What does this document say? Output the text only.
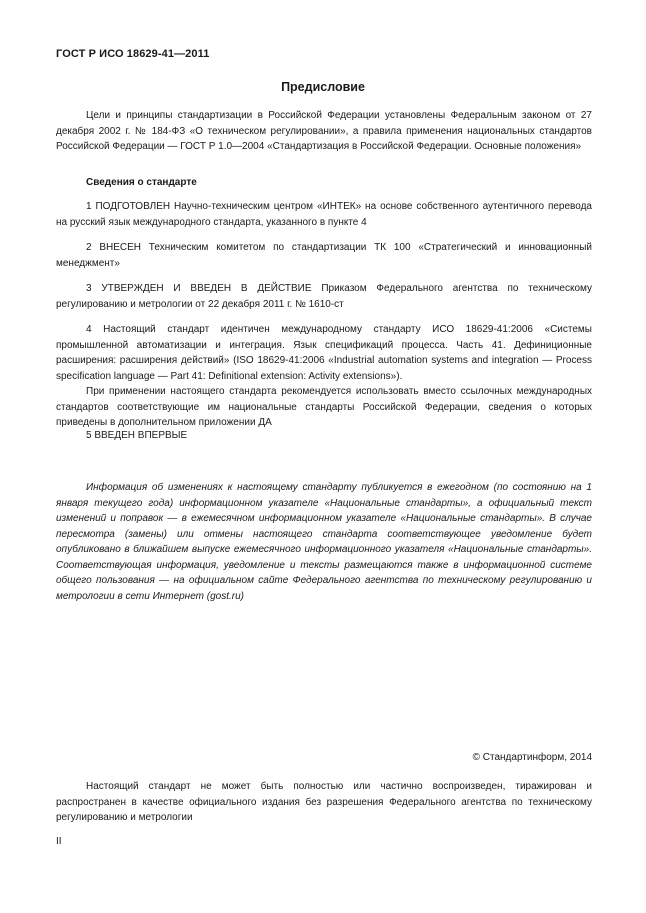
ГОСТ Р ИСО 18629-41—2011
Предисловие

Цели и принципы стандартизации в Российской Федерации установлены Федеральным законом от 27 декабря 2002 г. № 184-ФЗ «О техническом регулировании», а правила применения национальных стандартов Российской Федерации — ГОСТ Р 1.0—2004 «Стандартизация в Российской Федерации. Основные положения»

Сведения о стандарте

1 ПОДГОТОВЛЕН Научно-техническим центром «ИНТЕК» на основе собственного аутентичного перевода на русский язык международного стандарта, указанного в пункте 4

2 ВНЕСЕН Техническим комитетом по стандартизации ТК 100 «Стратегический и инновационный менеджмент»

3 УТВЕРЖДЕН И ВВЕДЕН В ДЕЙСТВИЕ Приказом Федерального агентства по техническому регулированию и метрологии от 22 декабря 2011 г. № 1610-ст

4 Настоящий стандарт идентичен международному стандарту ИСО 18629-41:2006 «Системы промышленной автоматизации и интеграция. Язык спецификаций процесса. Часть 41. Дефиниционные расширения: расширения действий» (ISO 18629-41:2006 «Industrial automation systems and integration — Process specification language — Part 41: Definitional extension: Activity extensions»).

При применении настоящего стандарта рекомендуется использовать вместо ссылочных международных стандартов соответствующие им национальные стандарты Российской Федерации, сведения о которых приведены в дополнительном приложении ДА

5 ВВЕДЕН ВПЕРВЫЕ

Информация об изменениях к настоящему стандарту публикуется в ежегодном (по состоянию на 1 января текущего года) информационном указателе «Национальные стандарты», а официальный текст изменений и поправок — в ежемесячном информационном указателе «Национальные стандарты». В случае пересмотра (замены) или отмены настоящего стандарта соответствующее уведомление будет опубликовано в ближайшем выпуске ежемесячного информационного указателя «Национальные стандарты». Соответствующая информация, уведомление и тексты размещаются также в информационной системе общего пользования — на официальном сайте Федерального агентства по техническому регулированию и метрологии в сети Интернет (gost.ru)

© Стандартинформ, 2014

Настоящий стандарт не может быть полностью или частично воспроизведен, тиражирован и распространен в качестве официального издания без разрешения Федерального агентства по техническому регулированию и метрологии

II
